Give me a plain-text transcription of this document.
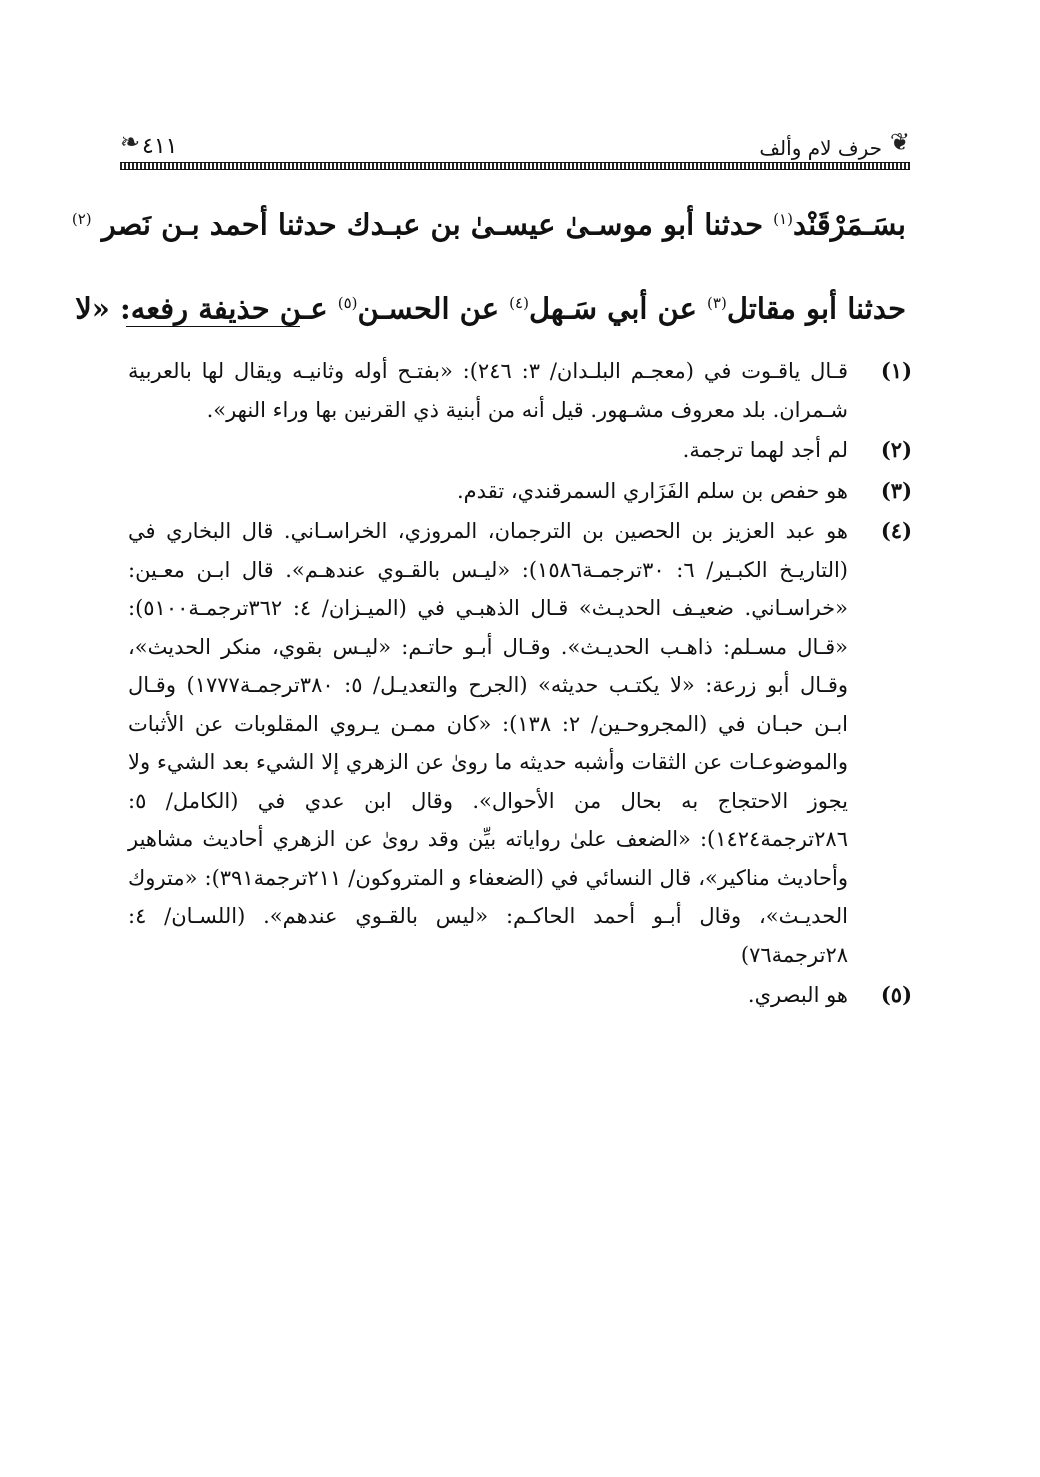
❦
حرف لام وألف
٤١١
❧
بسَـمَرْقَنْد$^{(١)}$ حدثنا أبو موسـىٰ عيسـىٰ بن عبـدك حدثنا أحمد بـن نَصر $^{(٢)}$
حدثنا أبو مقاتل$^{(٣)}$ عن أبي سَـهل$^{(٤)}$ عن الحسـن$^{(٥)}$ عـن حذيفة رفعه: «لا
(١)
قـال ياقـوت في (معجـم البلـدان/ ٣: ٢٤٦): «بفتـح أوله وثانيـه ويقال لها بالعربية شـمران. بلد معروف مشـهور. قيل أنه من أبنية ذي القرنين بها وراء النهر».
(٢)
لم أجد لهما ترجمة.
(٣)
هو حفص بن سلم الفَزَاري السمرقندي، تقدم.
(٤)
هو عبد العزيز بن الحصين بن الترجمان، المروزي، الخراسـاني. قال البخاري في (التاريـخ الكبـير/ ٦: ٣٠ترجمـة١٥٨٦): «ليـس بالقـوي عندهـم». قال ابـن معـين: «خراسـاني. ضعيـف الحديـث» قـال الذهبـي في (الميـزان/ ٤: ٣٦٢ترجمـة٥١٠٠): «قـال مسـلم: ذاهـب الحديـث». وقـال أبـو حاتـم: «ليـس بقوي، منكر الحديث»، وقـال أبو زرعة: «لا يكتـب حديثه» (الجرح والتعديـل/ ٥: ٣٨٠ترجمـة١٧٧٧) وقـال ابـن حبـان في (المجروحـين/ ٢: ١٣٨): «كان ممـن يـروي المقلوبات عن الأثبات والموضوعـات عن الثقات وأشبه حديثه ما روىٰ عن الزهري إلا الشيء بعد الشيء ولا يجوز الاحتجاج به بحال من الأحوال». وقال ابن عدي في (الكامل/ ٥: ٢٨٦ترجمة١٤٢٤): «الضعف علىٰ رواياته بيِّن وقد روىٰ عن الزهري أحاديث مشاهير وأحاديث مناكير»، قال النسائي في (الضعفاء و المتروكون/ ٢١١ترجمة٣٩١): «متروك الحديـث»، وقال أبـو أحمد الحاكـم: «ليس بالقـوي عندهم». (اللسـان/ ٤: ٢٨ترجمة٧٦)
(٥)
هو البصري.
